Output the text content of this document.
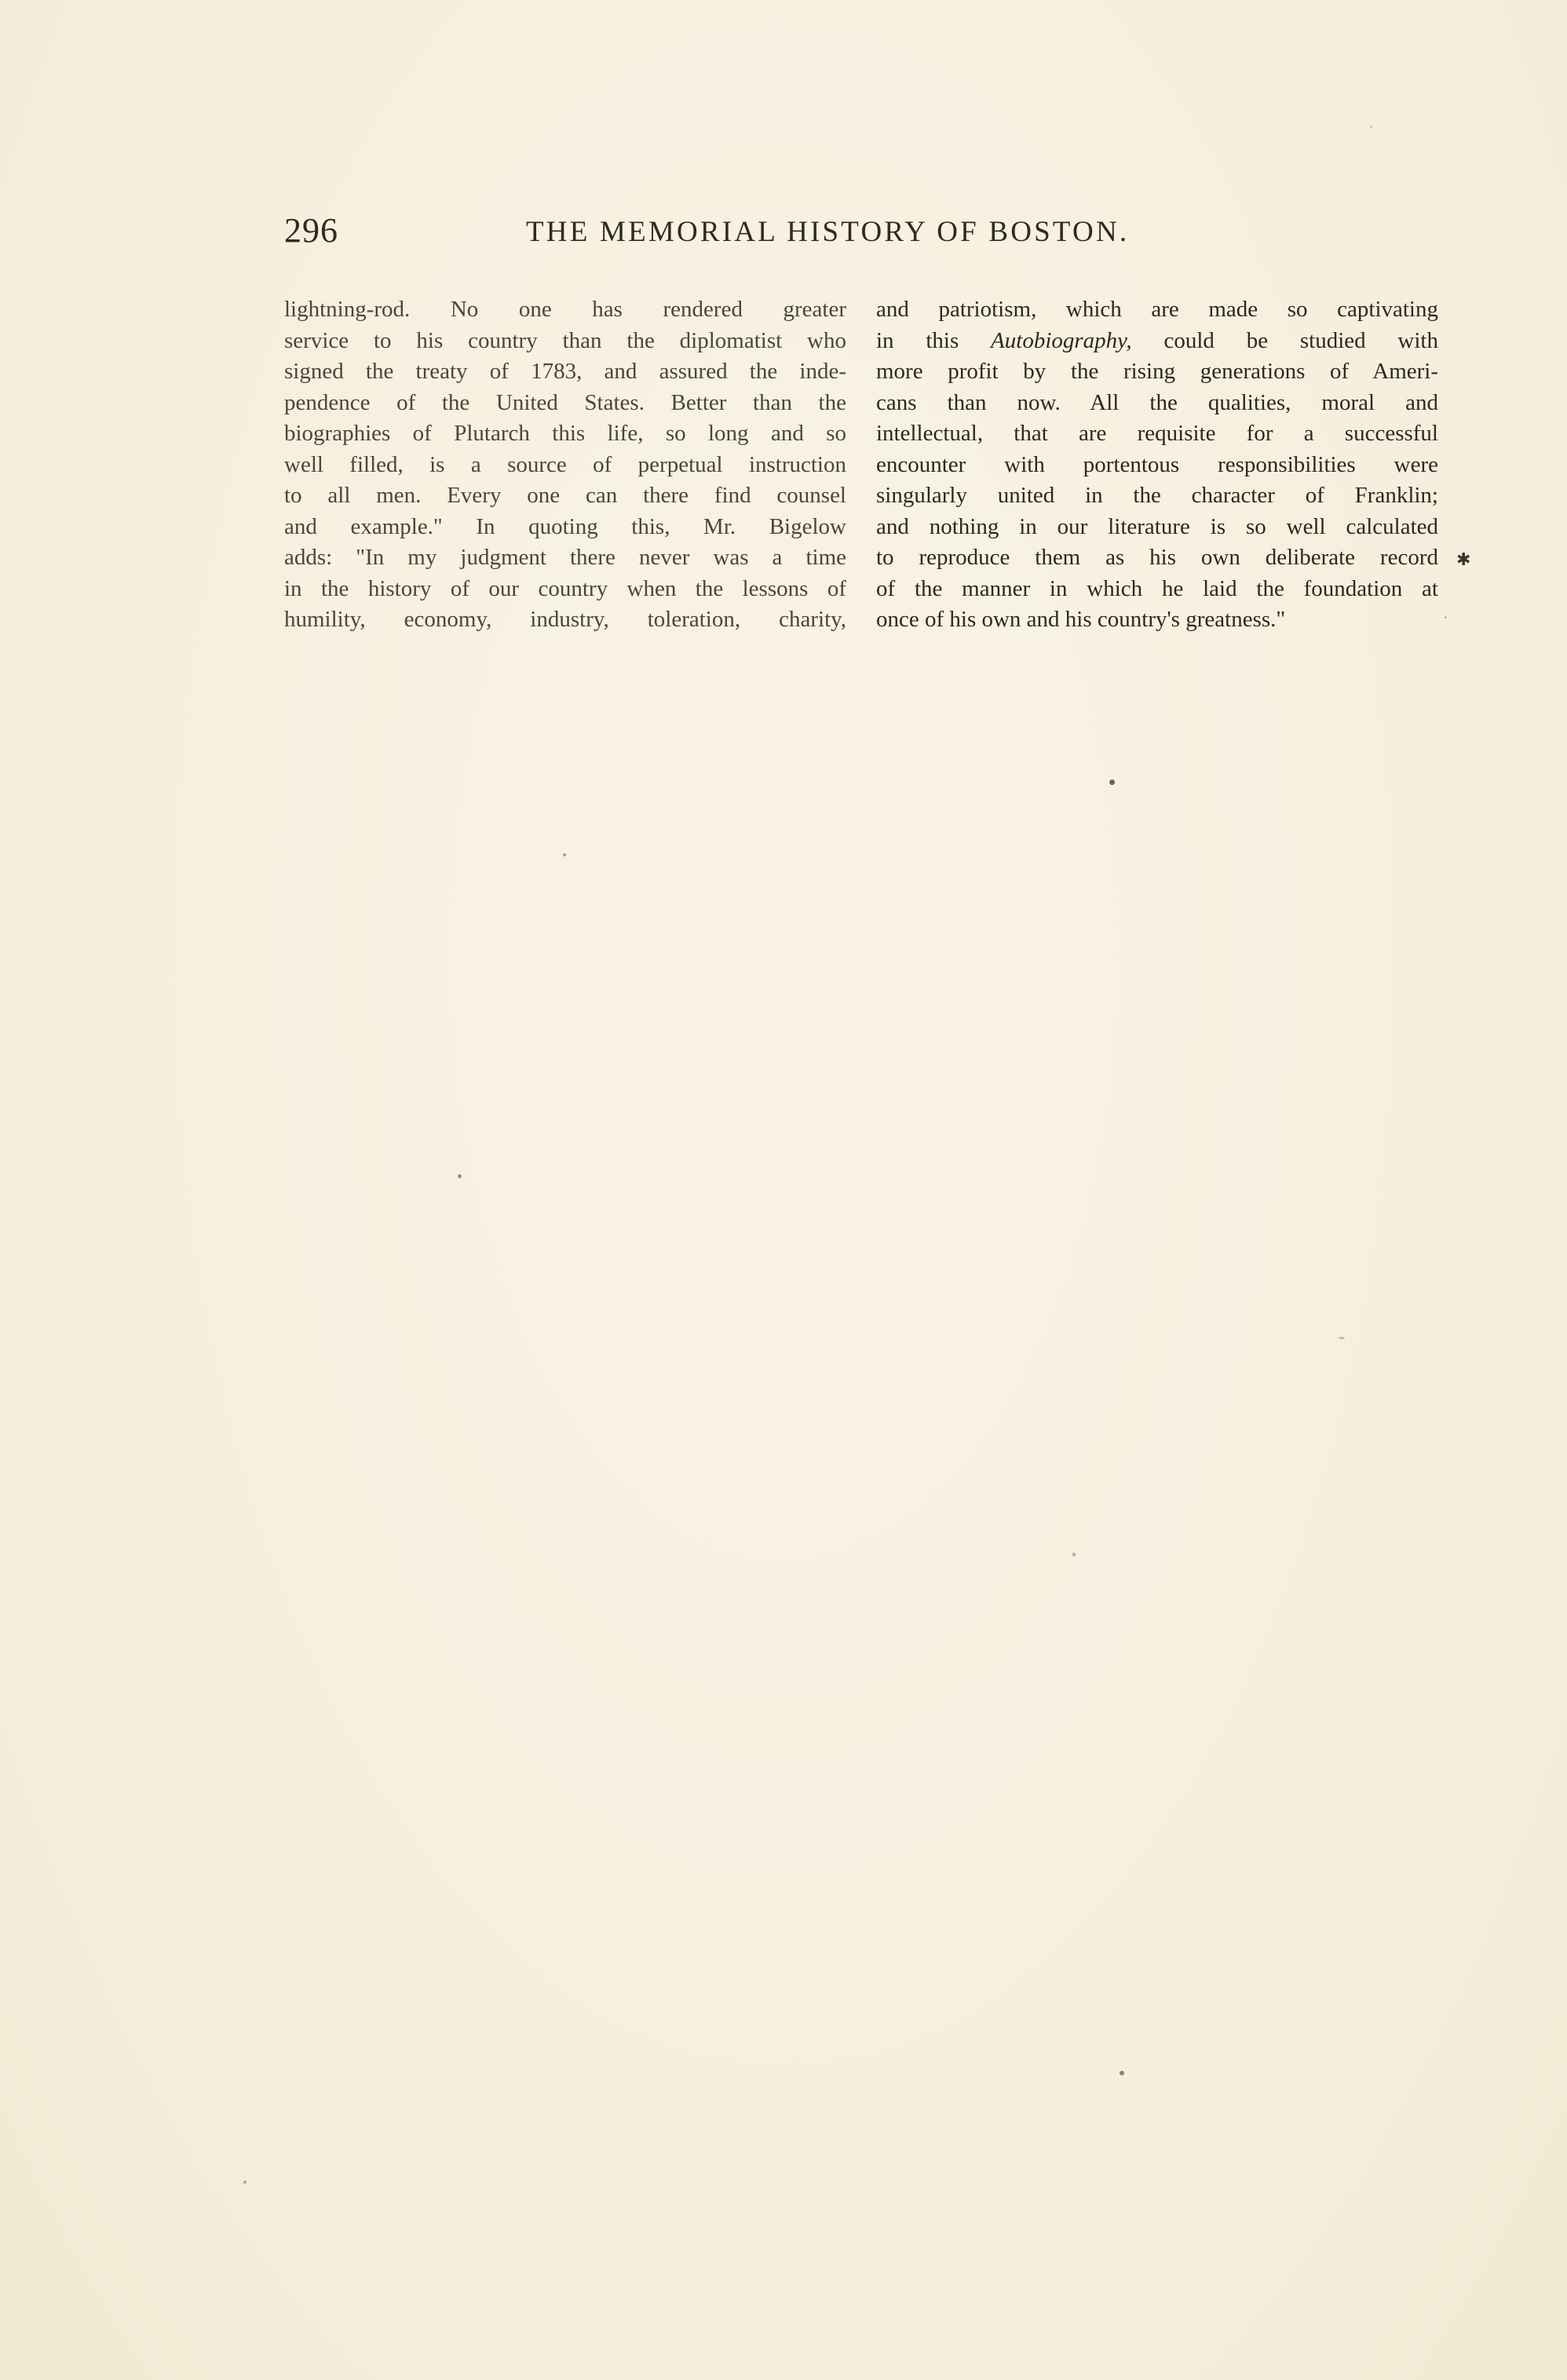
296	THE MEMORIAL HISTORY OF BOSTON.
lightning-rod. No one has rendered greater
service to his country than the diplomatist who
signed the treaty of 1783, and assured the inde-
pendence of the United States. Better than the
biographies of Plutarch this life, so long and so
well filled, is a source of perpetual instruction
to all men. Every one can there find counsel
and example." In quoting this, Mr. Bigelow
adds: "In my judgment there never was a time
in the history of our country when the lessons of
humility, economy, industry, toleration, charity,
and patriotism, which are made so captivating
in this Autobiography, could be studied with
more profit by the rising generations of Ameri-
cans than now. All the qualities, moral and
intellectual, that are requisite for a successful
encounter with portentous responsibilities were
singularly united in the character of Franklin;
and nothing in our literature is so well calculated
to reproduce them as his own deliberate record
of the manner in which he laid the foundation at
once of his own and his country's greatness."
✱
